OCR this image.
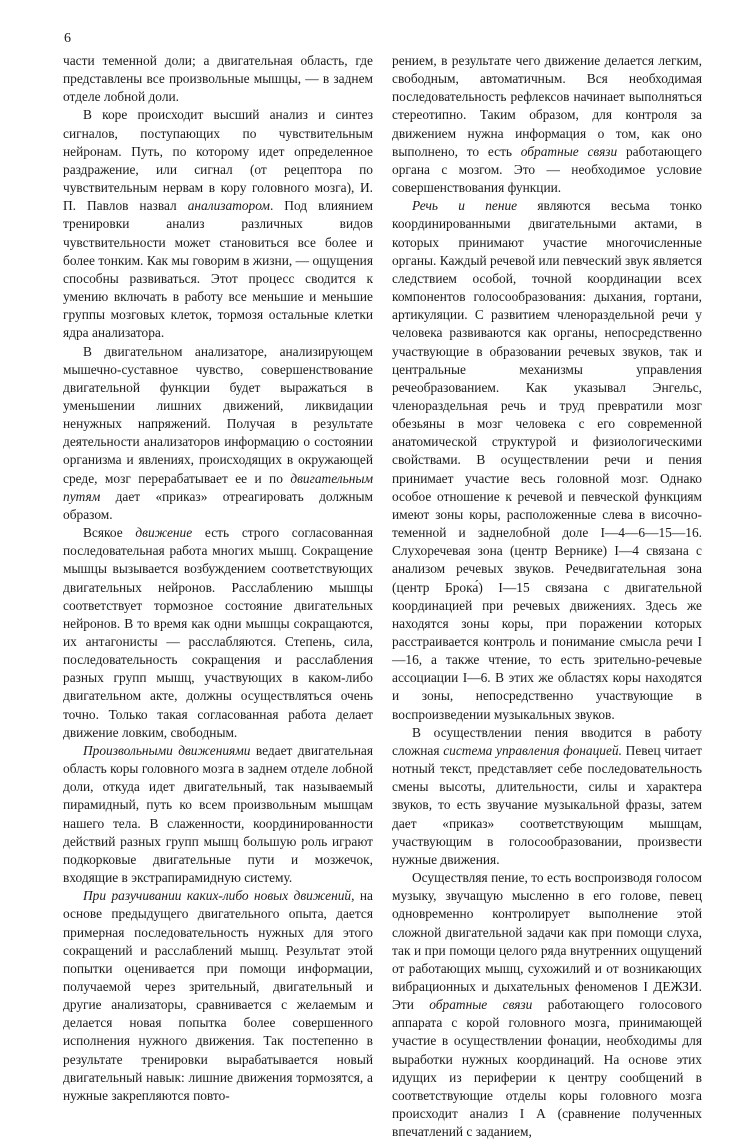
6

части теменной доли; а двигательная область, где представлены все произвольные мышцы, — в заднем отделе лобной доли.

В коре происходит высший анализ и синтез сигналов, поступающих по чувствительным нейронам. Путь, по которому идет определенное раздражение, или сигнал (от рецептора по чувствительным нервам в кору головного мозга), И. П. Павлов назвал анализатором. Под влиянием тренировки анализ различных видов чувствительности может становиться все более и более тонким. Как мы говорим в жизни, — ощущения способны развиваться. Этот процесс сводится к умению включать в работу все меньшие и меньшие группы мозговых клеток, тормозя остальные клетки ядра анализатора.

В двигательном анализаторе, анализирующем мышечно-суставное чувство, совершенствование двигательной функции будет выражаться в уменьшении лишних движений, ликвидации ненужных напряжений. Получая в результате деятельности анализаторов информацию о состоянии организма и явлениях, происходящих в окружающей среде, мозг перерабатывает ее и по двигательным путям дает «приказ» отреагировать должным образом.

Всякое движение есть строго согласованная последовательная работа многих мышц. Сокращение мышцы вызывается возбуждением соответствующих двигательных нейронов. Расслаблению мышцы соответствует тормозное состояние двигательных нейронов. В то время как одни мышцы сокращаются, их антагонисты — расслабляются. Степень, сила, последовательность сокращения и расслабления разных групп мышц, участвующих в каком-либо двигательном акте, должны осуществляться очень точно. Только такая согласованная работа делает движение ловким, свободным.

Произвольными движениями ведает двигательная область коры головного мозга в заднем отделе лобной доли, откуда идет двигательный, так называемый пирамидный, путь ко всем произвольным мышцам нашего тела. В слаженности, координированности действий разных групп мышц большую роль играют подкорковые двигательные пути и мозжечок, входящие в экстрапирамидную систему.

При разучивании каких-либо новых движений, на основе предыдущего двигательного опыта, дается примерная последовательность нужных для этого сокращений и расслаблений мышц. Результат этой попытки оценивается при помощи информации, получаемой через зрительный, двигательный и другие анализаторы, сравнивается с желаемым и делается новая попытка более совершенного исполнения нужного движения. Так постепенно в результате тренировки вырабатывается новый двигательный навык: лишние движения тормозятся, а нужные закрепляются повто-

рением, в результате чего движение делается легким, свободным, автоматичным. Вся необходимая последовательность рефлексов начинает выполняться стереотипно. Таким образом, для контроля за движением нужна информация о том, как оно выполнено, то есть обратные связи работающего органа с мозгом. Это — необходимое условие совершенствования функции.

Речь и пение являются весьма тонко координированными двигательными актами, в которых принимают участие многочисленные органы. Каждый речевой или певческий звук является следствием особой, точной координации всех компонентов голосообразования: дыхания, гортани, артикуляции. С развитием членораздельной речи у человека развиваются как органы, непосредственно участвующие в образовании речевых звуков, так и центральные механизмы управления речеобразованием. Как указывал Энгельс, членораздельная речь и труд превратили мозг обезьяны в мозг человека с его современной анатомической структурой и физиологическими свойствами. В осуществлении речи и пения принимает участие весь головной мозг. Однако особое отношение к речевой и певческой функциям имеют зоны коры, расположенные слева в височно-теменной и заднелобной доле I—4—6—15—16. Слухоречевая зона (центр Вернике) I—4 связана с анализом речевых звуков. Речедвигательная зона (центр Брока́) I—15 связана с двигательной координацией при речевых движениях. Здесь же находятся зоны коры, при поражении которых расстраивается контроль и понимание смысла речи I—16, а также чтение, то есть зрительно-речевые ассоциации I—6. В этих же областях коры находятся и зоны, непосредственно участвующие в воспроизведении музыкальных звуков.

В осуществлении пения вводится в работу сложная система управления фонацией. Певец читает нотный текст, представляет себе последовательность смены высоты, длительности, силы и характера звуков, то есть звучание музыкальной фразы, затем дает «приказ» соответствующим мышцам, участвующим в голосообразовании, произвести нужные движения.

Осуществляя пение, то есть воспроизводя голосом музыку, звучащую мысленно в его голове, певец одновременно контролирует выполнение этой сложной двигательной задачи как при помощи слуха, так и при помощи целого ряда внутренних ощущений от работающих мышц, сухожилий и от возникающих вибрационных и дыхательных феноменов I ДЕЖЗИ. Эти обратные связи работающего голосового аппарата с корой головного мозга, принимающей участие в осуществлении фонации, необходимы для выработки нужных координаций. На основе этих идущих из периферии к центру сообщений в соответствующие отделы коры головного мозга происходит анализ I А (сравнение полученных впечатлений с заданием,
